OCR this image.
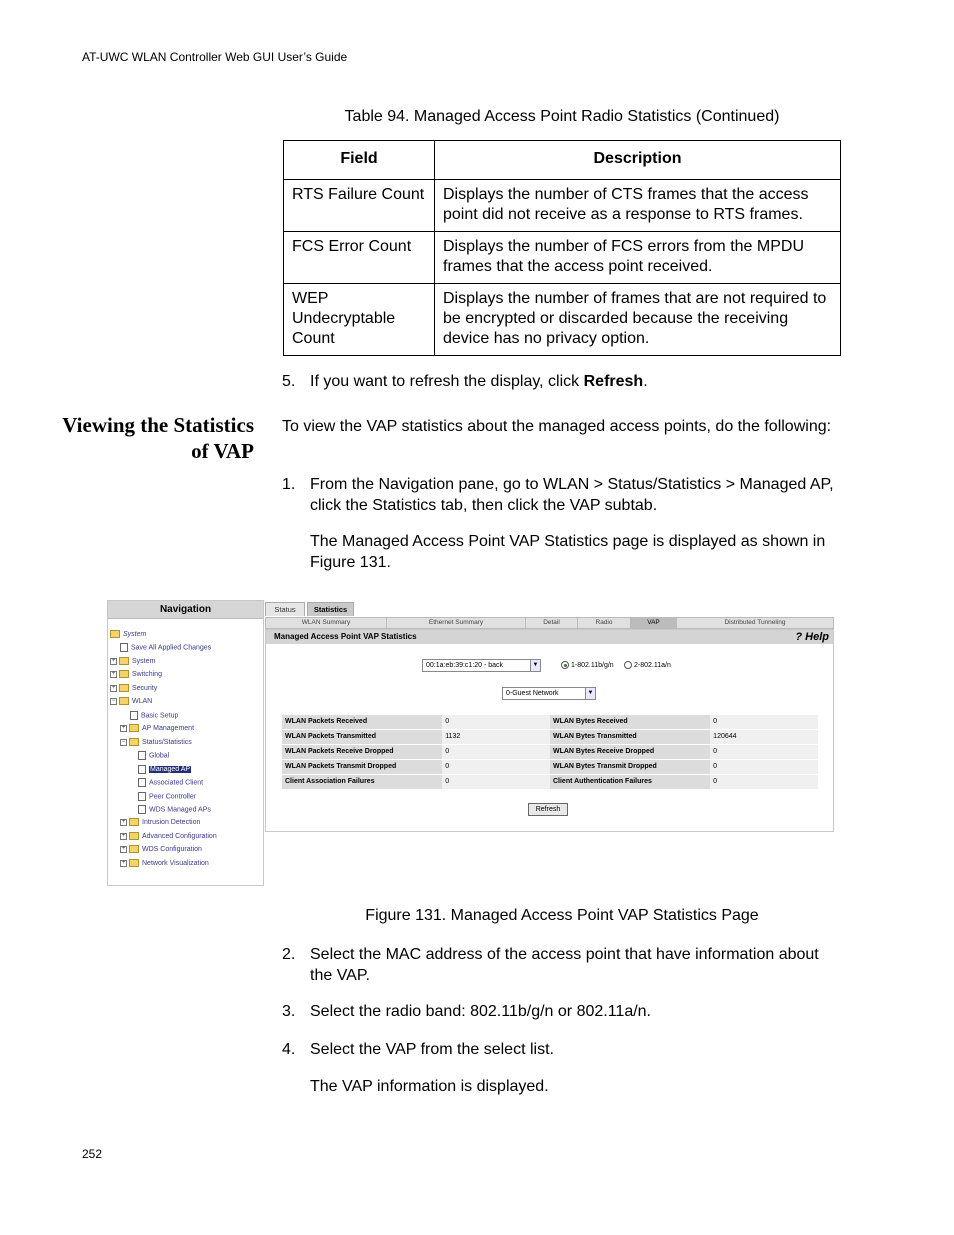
AT-UWC WLAN Controller Web GUI User’s Guide
Table 94. Managed Access Point Radio Statistics (Continued)
Field	Description
RTS Failure Count	Displays the number of CTS frames that the access point did not receive as a response to RTS frames.
FCS Error Count	Displays the number of FCS errors from the MPDU frames that the access point received.
WEP Undecryptable Count	Displays the number of frames that are not required to be encrypted or discarded because the receiving device has no privacy option.
5. If you want to refresh the display, click Refresh.
Viewing the Statistics of VAP
To view the VAP statistics about the managed access points, do the following:
1. From the Navigation pane, go to WLAN > Status/Statistics > Managed AP, click the Statistics tab, then click the VAP subtab.
The Managed Access Point VAP Statistics page is displayed as shown in Figure 131.
Navigation
System
Save All Applied Changes
+ System
+ Switching
+ Security
− WLAN
Basic Setup
+ AP Management
− Status/Statistics
Global
Managed AP
Associated Client
Peer Controller
WDS Managed APs
+ Intrusion Detection
+ Advanced Configuration
+ WDS Configuration
+ Network Visualization
Status	Statistics
WLAN Summary	Ethernet Summary	Detail	Radio	VAP	Distributed Tunneling
Managed Access Point VAP Statistics	? Help
00:1a:eb:39:c1:20 - back	▼	1-802.11b/g/n	2-802.11a/n
0-Guest Network	▼
WLAN Packets Received	0	WLAN Bytes Received	0
WLAN Packets Transmitted	1132	WLAN Bytes Transmitted	120644
WLAN Packets Receive Dropped	0	WLAN Bytes Receive Dropped	0
WLAN Packets Transmit Dropped	0	WLAN Bytes Transmit Dropped	0
Client Association Failures	0	Client Authentication Failures	0
Refresh
Figure 131. Managed Access Point VAP Statistics Page
2. Select the MAC address of the access point that have information about the VAP.
3. Select the radio band: 802.11b/g/n or 802.11a/n.
4. Select the VAP from the select list.
The VAP information is displayed.
252
